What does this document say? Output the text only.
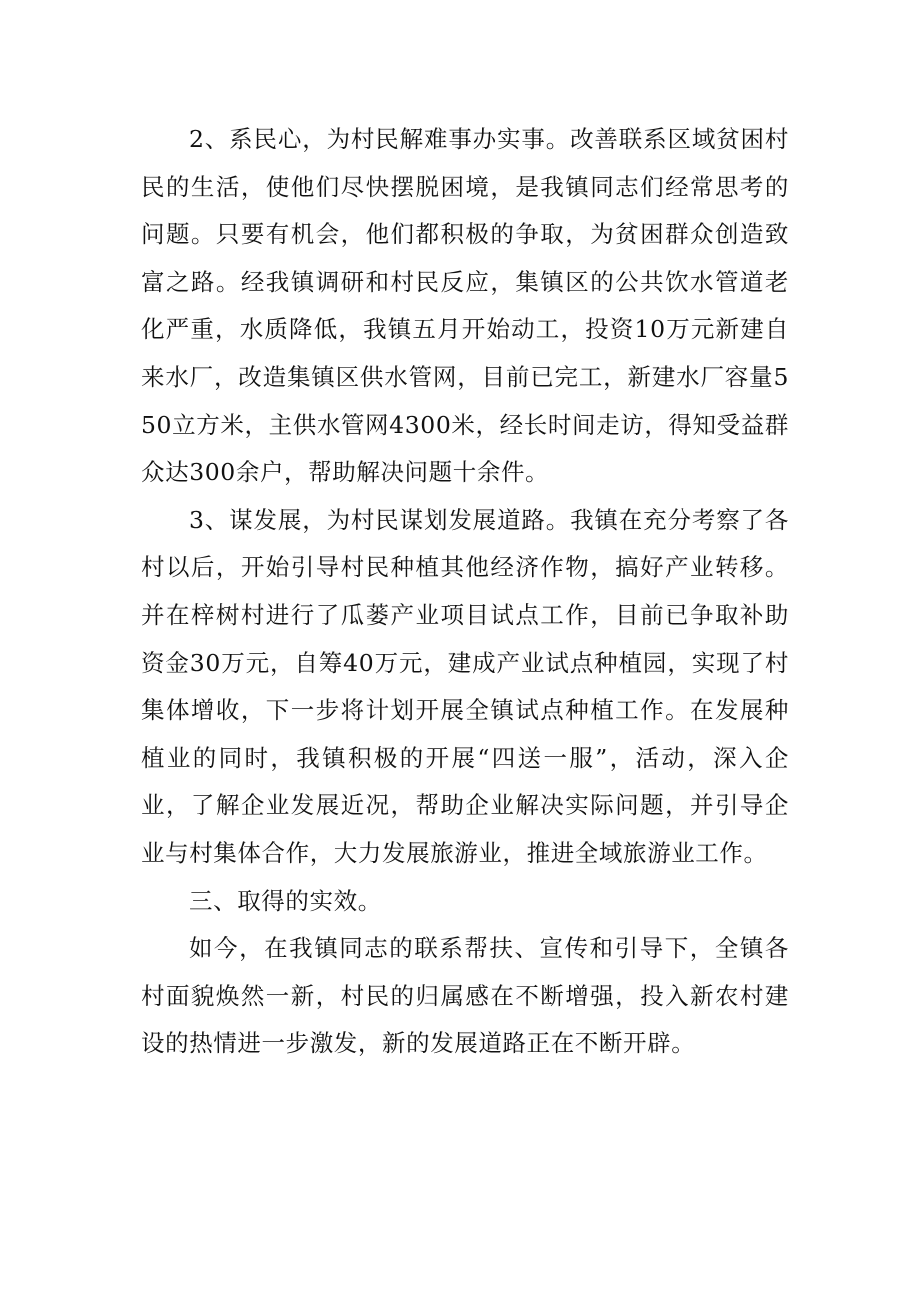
2、系民心，为村民解难事办实事。改善联系区域贫困村民的生活，使他们尽快摆脱困境，是我镇同志们经常思考的问题。只要有机会，他们都积极的争取，为贫困群众创造致富之路。经我镇调研和村民反应，集镇区的公共饮水管道老化严重，水质降低，我镇五月开始动工，投资10万元新建自来水厂，改造集镇区供水管网，目前已完工，新建水厂容量550立方米，主供水管网4300米，经长时间走访，得知受益群众达300余户，帮助解决问题十余件。

3、谋发展，为村民谋划发展道路。我镇在充分考察了各村以后，开始引导村民种植其他经济作物，搞好产业转移。并在梓树村进行了瓜蒌产业项目试点工作，目前已争取补助资金30万元，自筹40万元，建成产业试点种植园，实现了村集体增收，下一步将计划开展全镇试点种植工作。在发展种植业的同时，我镇积极的开展“四送一服”，活动，深入企业，了解企业发展近况，帮助企业解决实际问题，并引导企业与村集体合作，大力发展旅游业，推进全域旅游业工作。

三、取得的实效。

如今，在我镇同志的联系帮扶、宣传和引导下，全镇各村面貌焕然一新，村民的归属感在不断增强，投入新农村建设的热情进一步激发，新的发展道路正在不断开辟。
